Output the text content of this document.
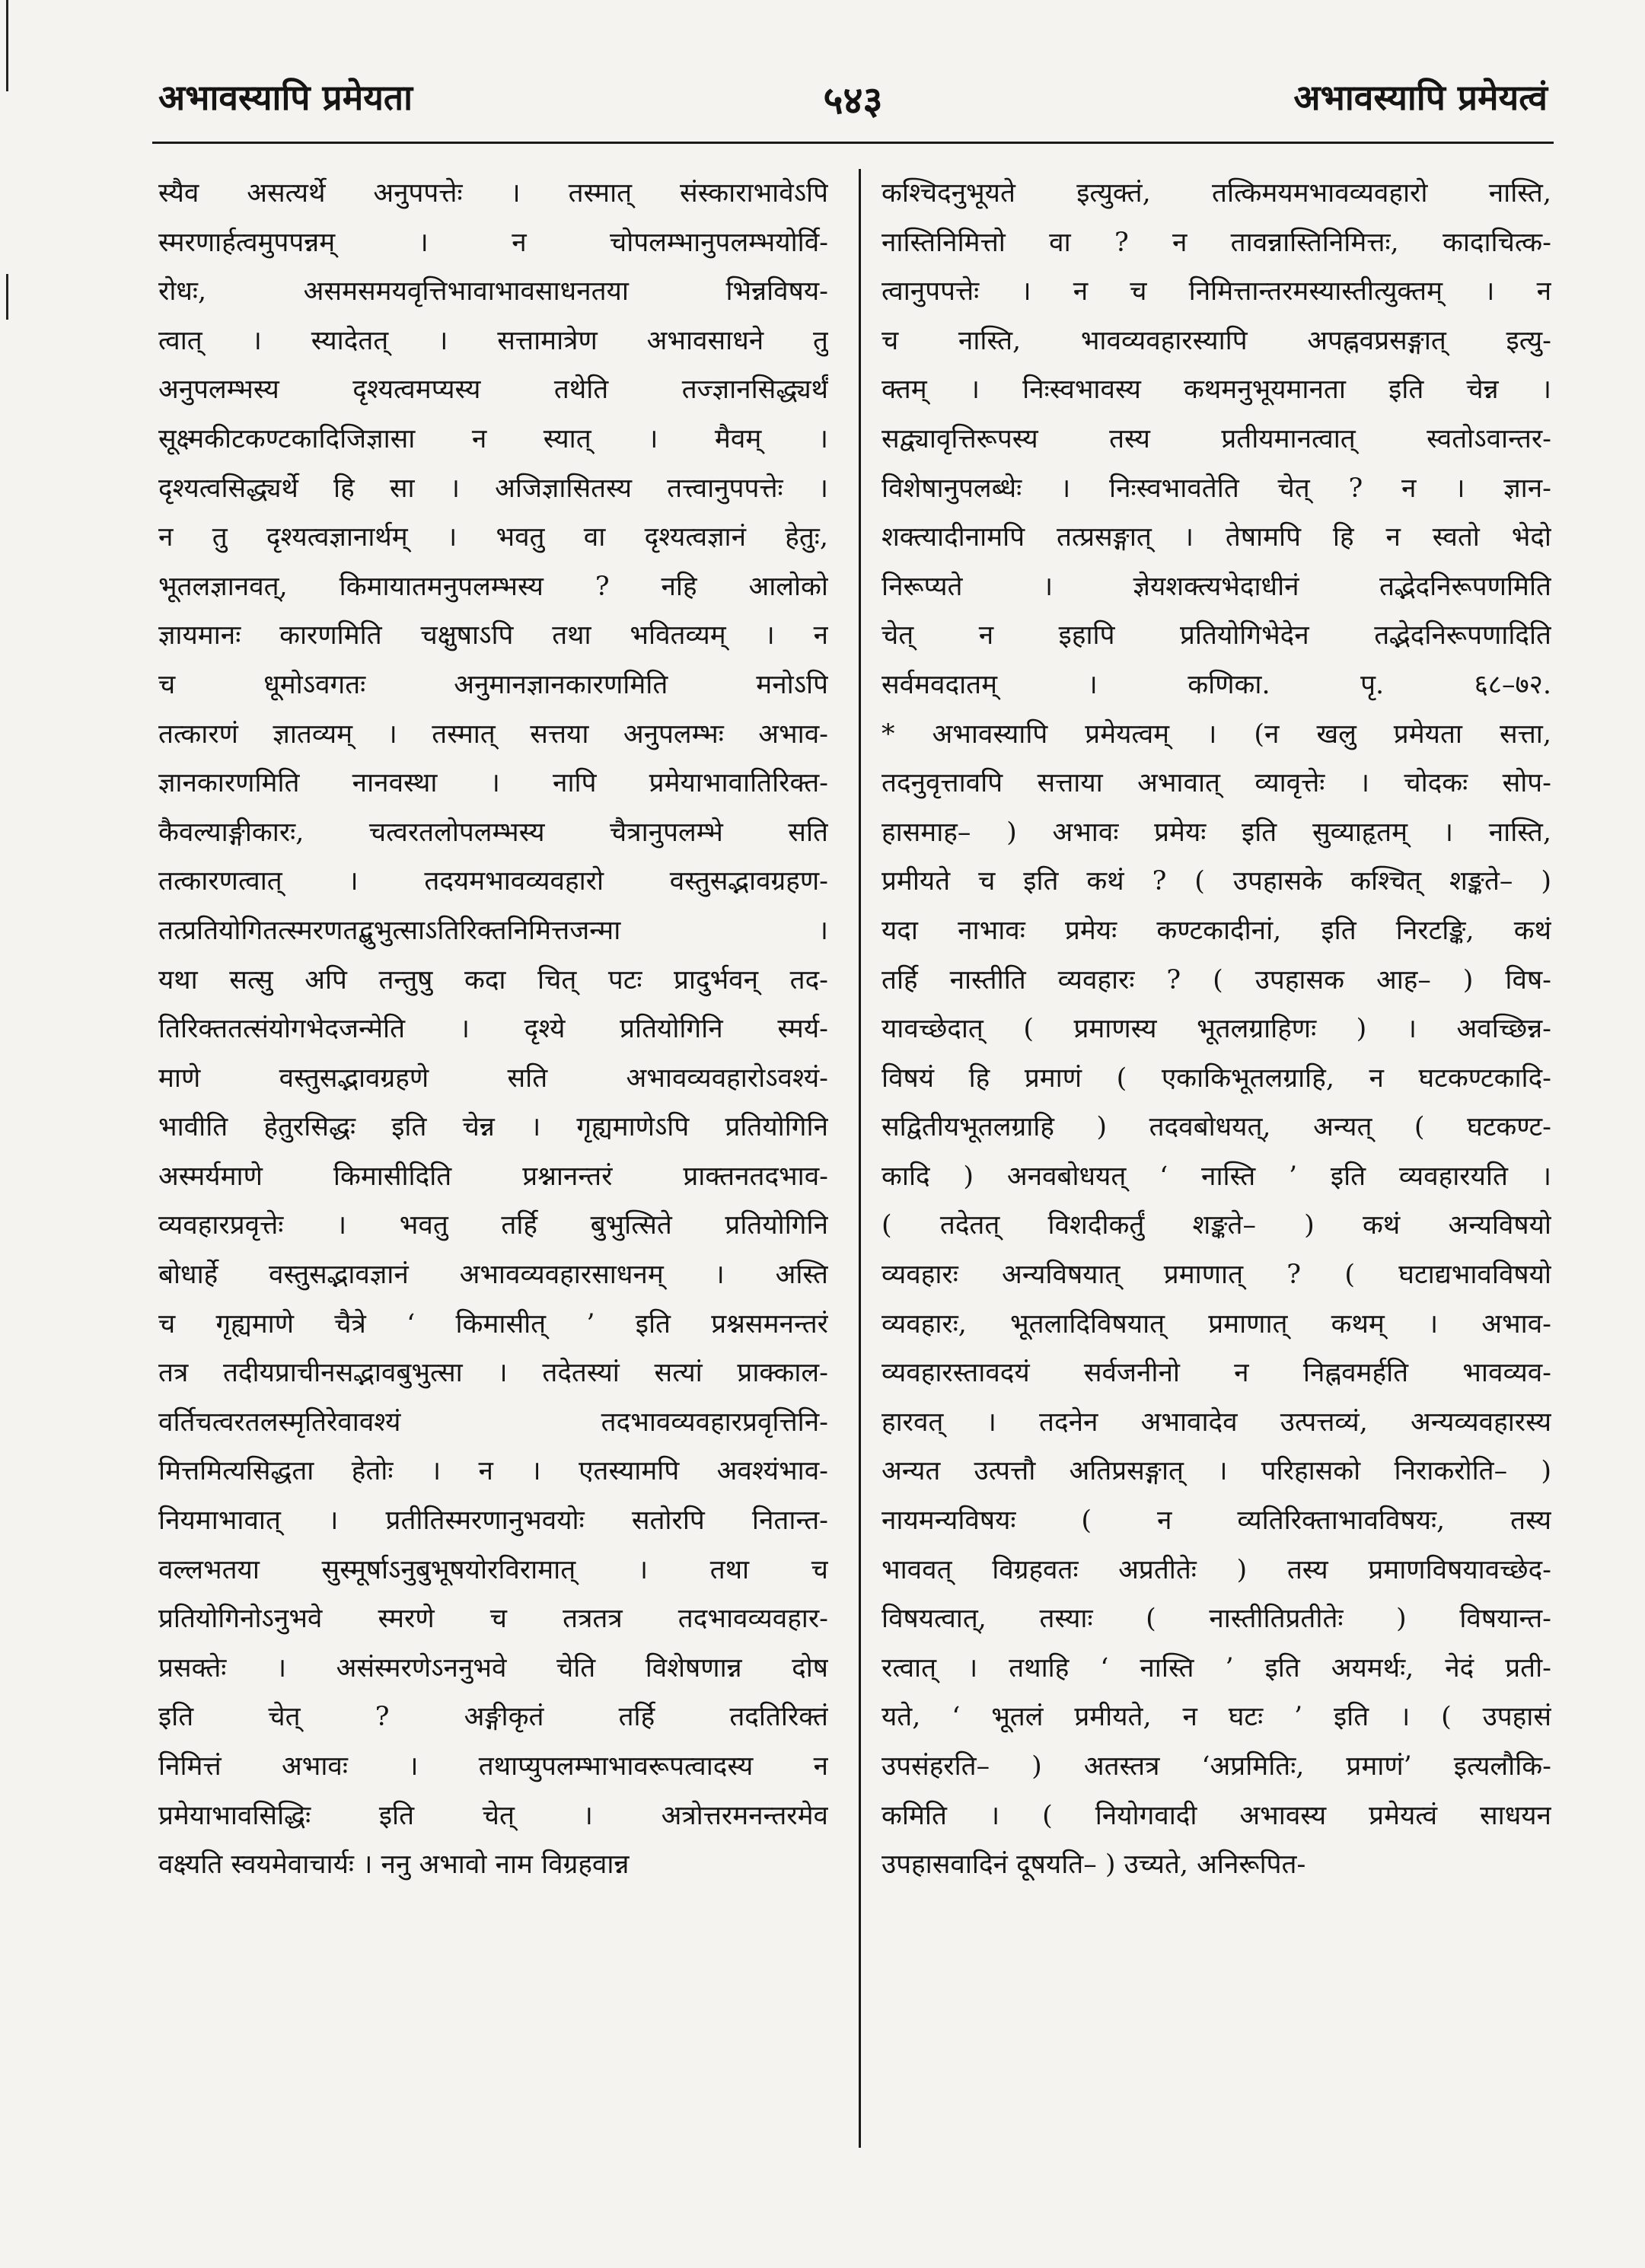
अभावस्यापि प्रमेयता	५४३	अभावस्यापि प्रमेयत्वं
स्यैव असत्यर्थे अनुपपत्तेः । तस्मात् संस्काराभावेऽपि
स्मरणार्हत्वमुपपन्नम् । न चोपलम्भानुपलम्भयोर्वि-
रोधः, असमसमयवृत्तिभावाभावसाधनतया भिन्नविषय-
त्वात् । स्यादेतत् । सत्तामात्रेण अभावसाधने तु
अनुपलम्भस्य दृश्यत्वमप्यस्य तथेति तज्ज्ञानसिद्ध्यर्थं
सूक्ष्मकीटकण्टकादिजिज्ञासा न स्यात् । मैवम् ।
दृश्यत्वसिद्ध्यर्थे हि सा । अजिज्ञासितस्य तत्त्वानुपपत्तेः ।
न तु दृश्यत्वज्ञानार्थम् । भवतु वा दृश्यत्वज्ञानं हेतुः,
भूतलज्ञानवत्, किमायातमनुपलम्भस्य ? नहि आलोको
ज्ञायमानः कारणमिति चक्षुषाऽपि तथा भवितव्यम् । न
च धूमोऽवगतः अनुमानज्ञानकारणमिति मनोऽपि
तत्कारणं ज्ञातव्यम् । तस्मात् सत्तया अनुपलम्भः अभाव-
ज्ञानकारणमिति नानवस्था । नापि प्रमेयाभावातिरिक्त-
कैवल्याङ्गीकारः, चत्वरतलोपलम्भस्य चैत्रानुपलम्भे सति
तत्कारणत्वात् । तदयमभावव्यवहारो वस्तुसद्भावग्रहण-
तत्प्रतियोगितत्स्मरणतद्बुभुत्साऽतिरिक्तनिमित्तजन्मा ।
यथा सत्सु अपि तन्तुषु कदा चित् पटः प्रादुर्भवन् तद-
तिरिक्ततत्संयोगभेदजन्मेति । दृश्ये प्रतियोगिनि स्मर्य-
माणे वस्तुसद्भावग्रहणे सति अभावव्यवहारोऽवश्यं-
भावीति हेतुरसिद्धः इति चेन्न । गृह्यमाणेऽपि प्रतियोगिनि
अस्मर्यमाणे किमासीदिति प्रश्नानन्तरं प्राक्तनतदभाव-
व्यवहारप्रवृत्तेः । भवतु तर्हि बुभुत्सिते प्रतियोगिनि
बोधार्हे वस्तुसद्भावज्ञानं अभावव्यवहारसाधनम् । अस्ति
च गृह्यमाणे चैत्रे ‘ किमासीत् ’ इति प्रश्नसमनन्तरं
तत्र तदीयप्राचीनसद्भावबुभुत्सा । तदेतस्यां सत्यां प्राक्काल-
वर्तिचत्वरतलस्मृतिरेवावश्यं तदभावव्यवहारप्रवृत्तिनि-
मित्तमित्यसिद्धता हेतोः । न । एतस्यामपि अवश्यंभाव-
नियमाभावात् । प्रतीतिस्मरणानुभवयोः सतोरपि नितान्त-
वल्लभतया सुस्मूर्षाऽनुबुभूषयोरविरामात् । तथा च
प्रतियोगिनोऽनुभवे स्मरणे च तत्रतत्र तदभावव्यवहार-
प्रसक्तेः । असंस्मरणेऽननुभवे चेति विशेषणान्न दोष
इति चेत् ? अङ्गीकृतं तर्हि तदतिरिक्तं
निमित्तं अभावः । तथाप्युपलम्भाभावरूपत्वादस्य न
प्रमेयाभावसिद्धिः इति चेत् । अत्रोत्तरमनन्तरमेव
वक्ष्यति स्वयमेवाचार्यः । ननु अभावो नाम विग्रहवान्न
कश्चिदनुभूयते इत्युक्तं, तत्किमयमभावव्यवहारो नास्ति,
नास्तिनिमित्तो वा ? न तावन्नास्तिनिमित्तः, कादाचित्क-
त्वानुपपत्तेः । न च निमित्तान्तरमस्यास्तीत्युक्तम् । न
च नास्ति, भावव्यवहारस्यापि अपह्नवप्रसङ्गात् इत्यु-
क्तम् । निःस्वभावस्य कथमनुभूयमानता इति चेन्न ।
सद्व्यावृत्तिरूपस्य तस्य प्रतीयमानत्वात् स्वतोऽवान्तर-
विशेषानुपलब्धेः । निःस्वभावतेति चेत् ? न । ज्ञान-
शक्त्यादीनामपि तत्प्रसङ्गात् । तेषामपि हि न स्वतो भेदो
निरूप्यते । ज्ञेयशक्त्यभेदाधीनं तद्भेदनिरूपणमिति
चेत् न इहापि प्रतियोगिभेदेन तद्भेदनिरूपणादिति
सर्वमवदातम् । कणिका. पृ. ६८–७२.
* अभावस्यापि प्रमेयत्वम् । (न खलु प्रमेयता सत्ता,
तदनुवृत्तावपि सत्ताया अभावात् व्यावृत्तेः । चोदकः सोप-
हासमाह– ) अभावः प्रमेयः इति सुव्याहृतम् । नास्ति,
प्रमीयते च इति कथं ? ( उपहासके कश्चित् शङ्कते– )
यदा नाभावः प्रमेयः कण्टकादीनां, इति निरटङ्कि, कथं
तर्हि नास्तीति व्यवहारः ? ( उपहासक आह– ) विष-
यावच्छेदात् ( प्रमाणस्य भूतलग्राहिणः ) । अवच्छिन्न-
विषयं हि प्रमाणं ( एकाकिभूतलग्राहि, न घटकण्टकादि-
सद्वितीयभूतलग्राहि ) तदवबोधयत्, अन्यत् ( घटकण्ट-
कादि ) अनवबोधयत् ‘ नास्ति ’ इति व्यवहारयति ।
( तदेतत् विशदीकर्तुं शङ्कते– ) कथं अन्यविषयो
व्यवहारः अन्यविषयात् प्रमाणात् ? ( घटाद्यभावविषयो
व्यवहारः, भूतलादिविषयात् प्रमाणात् कथम् । अभाव-
व्यवहारस्तावदयं सर्वजनीनो न निह्नवमर्हति भावव्यव-
हारवत् । तदनेन अभावादेव उत्पत्तव्यं, अन्यव्यवहारस्य
अन्यत उत्पत्तौ अतिप्रसङ्गात् । परिहासको निराकरोति– )
नायमन्यविषयः ( न व्यतिरिक्ताभावविषयः, तस्य
भाववत् विग्रहवतः अप्रतीतेः ) तस्य प्रमाणविषयावच्छेद-
विषयत्वात्, तस्याः ( नास्तीतिप्रतीतेः ) विषयान्त-
रत्वात् । तथाहि ‘ नास्ति ’ इति अयमर्थः, नेदं प्रती-
यते, ‘ भूतलं प्रमीयते, न घटः ’ इति । ( उपहासं
उपसंहरति– ) अतस्तत्र ‘अप्रमितिः, प्रमाणं’ इत्यलौकि-
कमिति । ( नियोगवादी अभावस्य प्रमेयत्वं साधयन
उपहासवादिनं दूषयति– ) उच्यते, अनिरूपित-
